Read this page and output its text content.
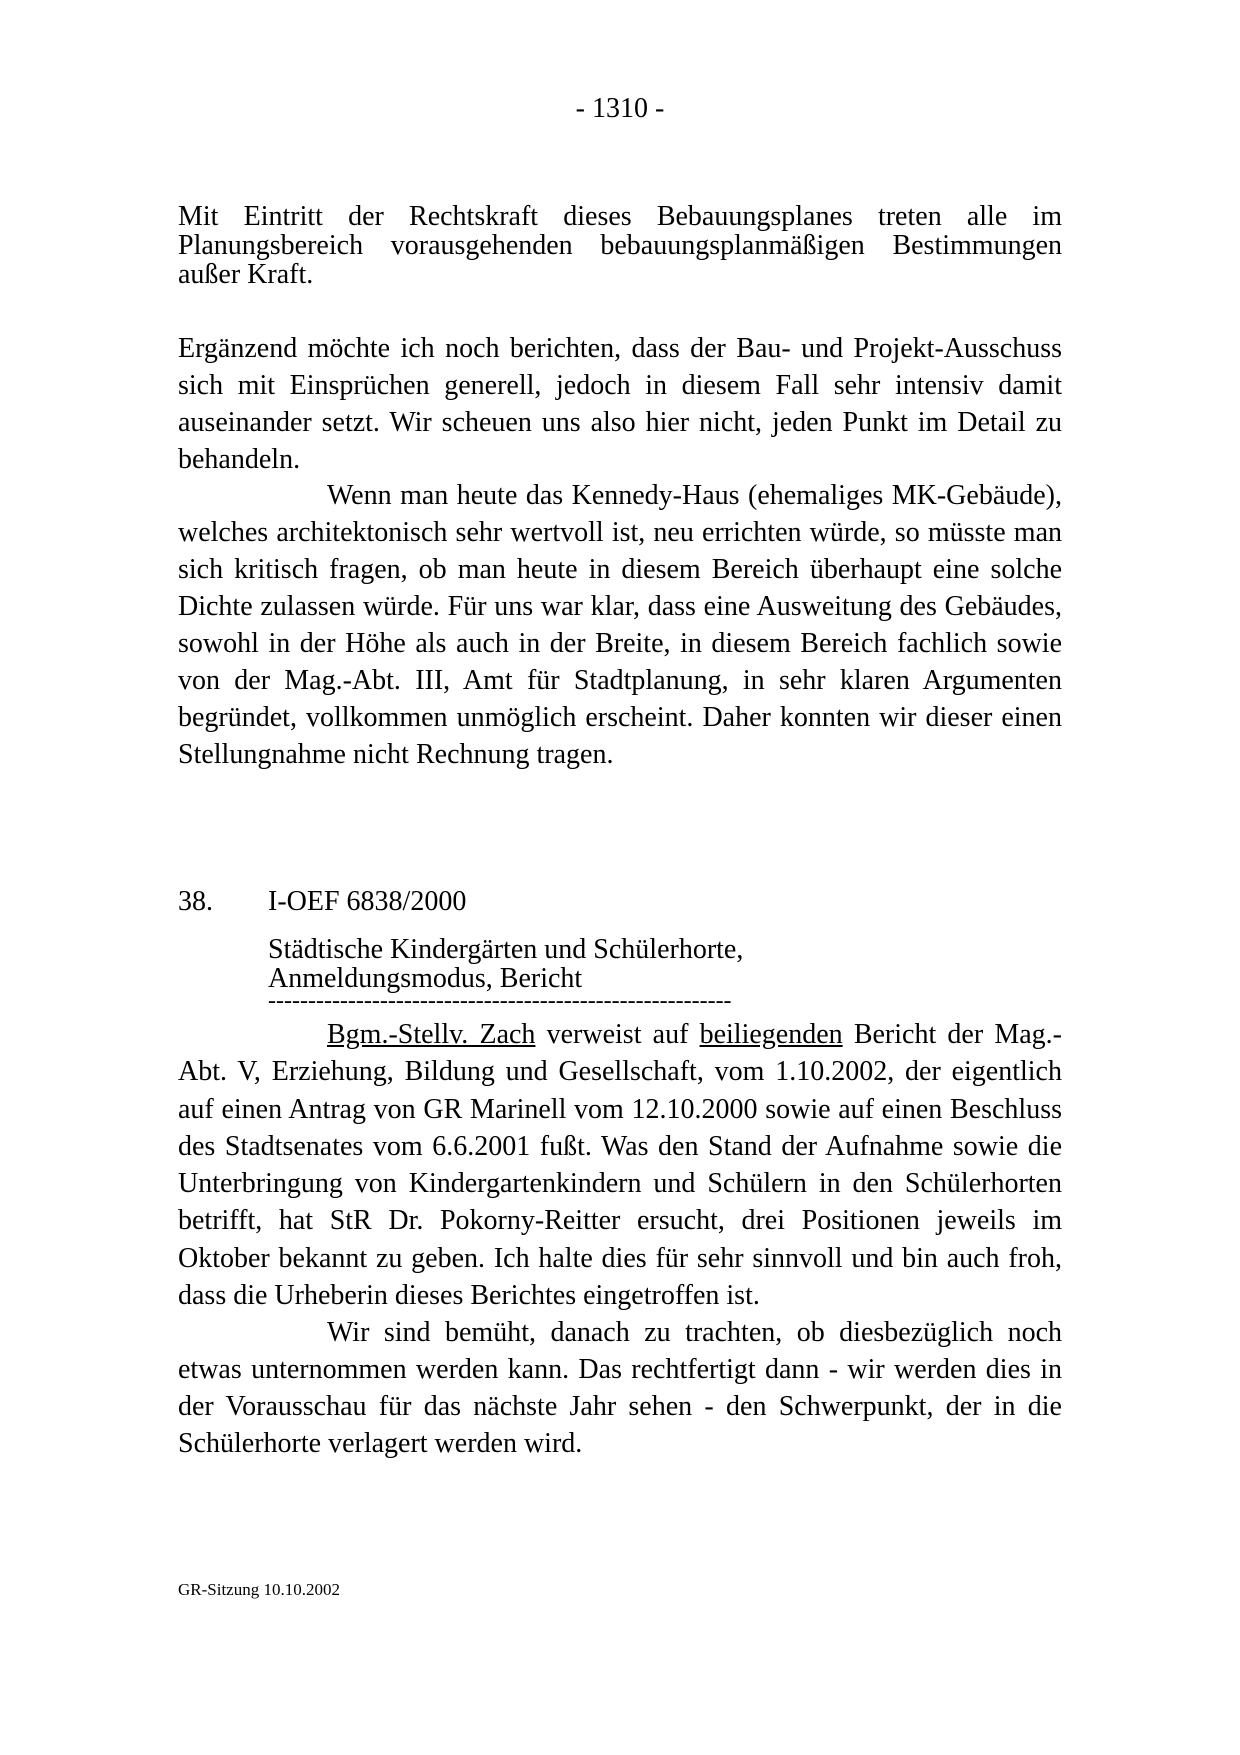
- 1310 -

Mit Eintritt der Rechtskraft dieses Bebauungsplanes treten alle im Planungsbereich vorausgehenden bebauungsplanmäßigen Bestimmungen außer Kraft.

Ergänzend möchte ich noch berichten, dass der Bau- und Projekt-Ausschuss sich mit Einsprüchen generell, jedoch in diesem Fall sehr intensiv damit auseinander setzt. Wir scheuen uns also hier nicht, jeden Punkt im Detail zu behandeln.

Wenn man heute das Kennedy-Haus (ehemaliges MK-Gebäude), welches architektonisch sehr wertvoll ist, neu errichten würde, so müsste man sich kritisch fragen, ob man heute in diesem Bereich überhaupt eine solche Dichte zulassen würde. Für uns war klar, dass eine Ausweitung des Gebäudes, sowohl in der Höhe als auch in der Breite, in diesem Bereich fachlich sowie von der Mag.-Abt. III, Amt für Stadtplanung, in sehr klaren Argumenten begründet, vollkommen unmöglich erscheint. Daher konnten wir dieser einen Stellungnahme nicht Rechnung tragen.

38. I-OEF 6838/2000

Städtische Kindergärten und Schülerhorte, Anmeldungsmodus, Bericht

----------------------------------------------------------

Bgm.-Stellv. Zach verweist auf beiliegenden Bericht der Mag.-Abt. V, Erziehung, Bildung und Gesellschaft, vom 1.10.2002, der eigentlich auf einen Antrag von GR Marinell vom 12.10.2000 sowie auf einen Beschluss des Stadtsenates vom 6.6.2001 fußt. Was den Stand der Aufnahme sowie die Unterbringung von Kindergartenkindern und Schülern in den Schülerhorten betrifft, hat StR Dr. Pokorny-Reitter ersucht, drei Positionen jeweils im Oktober bekannt zu geben. Ich halte dies für sehr sinnvoll und bin auch froh, dass die Urheberin dieses Berichtes eingetroffen ist.

Wir sind bemüht, danach zu trachten, ob diesbezüglich noch etwas unternommen werden kann. Das rechtfertigt dann - wir werden dies in der Vorausschau für das nächste Jahr sehen - den Schwerpunkt, der in die Schülerhorte verlagert werden wird.

GR-Sitzung 10.10.2002
